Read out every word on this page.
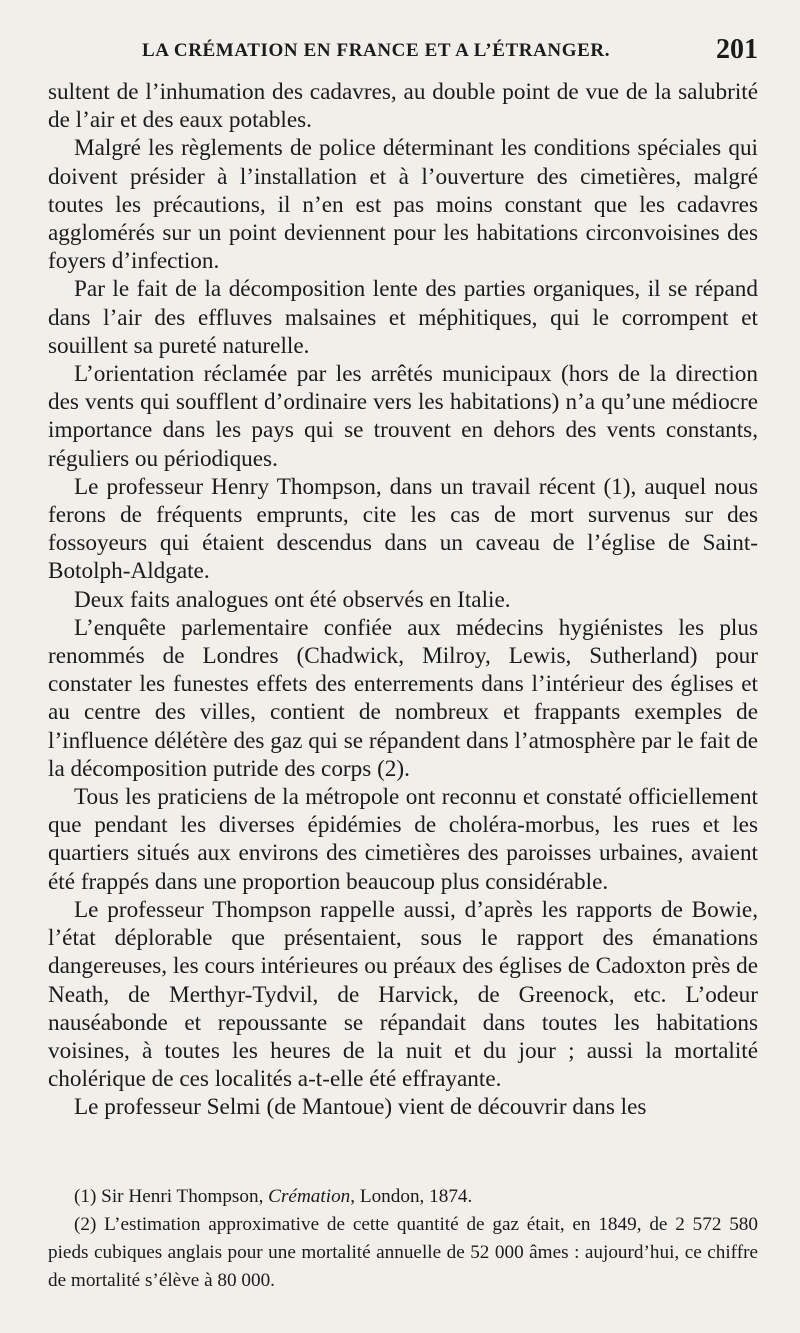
LA CRÉMATION EN FRANCE ET A L’ÉTRANGER.	201

sultent de l’inhumation des cadavres, au double point de vue de la salubrité de l’air et des eaux potables.

Malgré les règlements de police déterminant les conditions spéciales qui doivent présider à l’installation et à l’ouverture des cimetières, malgré toutes les précautions, il n’en est pas moins constant que les cadavres agglomérés sur un point deviennent pour les habitations circonvoisines des foyers d’infection.

Par le fait de la décomposition lente des parties organiques, il se répand dans l’air des effluves malsaines et méphitiques, qui le corrompent et souillent sa pureté naturelle.

L’orientation réclamée par les arrêtés municipaux (hors de la direction des vents qui soufflent d’ordinaire vers les habitations) n’a qu’une médiocre importance dans les pays qui se trouvent en dehors des vents constants, réguliers ou périodiques.

Le professeur Henry Thompson, dans un travail récent (1), auquel nous ferons de fréquents emprunts, cite les cas de mort survenus sur des fossoyeurs qui étaient descendus dans un caveau de l’église de Saint-Botolph-Aldgate.

Deux faits analogues ont été observés en Italie.

L’enquête parlementaire confiée aux médecins hygiénistes les plus renommés de Londres (Chadwick, Milroy, Lewis, Sutherland) pour constater les funestes effets des enterrements dans l’intérieur des églises et au centre des villes, contient de nombreux et frappants exemples de l’influence délétère des gaz qui se répandent dans l’atmosphère par le fait de la décomposition putride des corps (2).

Tous les praticiens de la métropole ont reconnu et constaté officiellement que pendant les diverses épidémies de choléra-morbus, les rues et les quartiers situés aux environs des cimetières des paroisses urbaines, avaient été frappés dans une proportion beaucoup plus considérable.

Le professeur Thompson rappelle aussi, d’après les rapports de Bowie, l’état déplorable que présentaient, sous le rapport des émanations dangereuses, les cours intérieures ou préaux des églises de Cadoxton près de Neath, de Merthyr-Tydvil, de Harvick, de Greenock, etc. L’odeur nauséabonde et repoussante se répandait dans toutes les habitations voisines, à toutes les heures de la nuit et du jour ; aussi la mortalité cholérique de ces localités a-t-elle été effrayante.

Le professeur Selmi (de Mantoue) vient de découvrir dans les

(1) Sir Henri Thompson, Crémation, London, 1874.

(2) L’estimation approximative de cette quantité de gaz était, en 1849, de 2 572 580 pieds cubiques anglais pour une mortalité annuelle de 52 000 âmes : aujourd’hui, ce chiffre de mortalité s’élève à 80 000.
